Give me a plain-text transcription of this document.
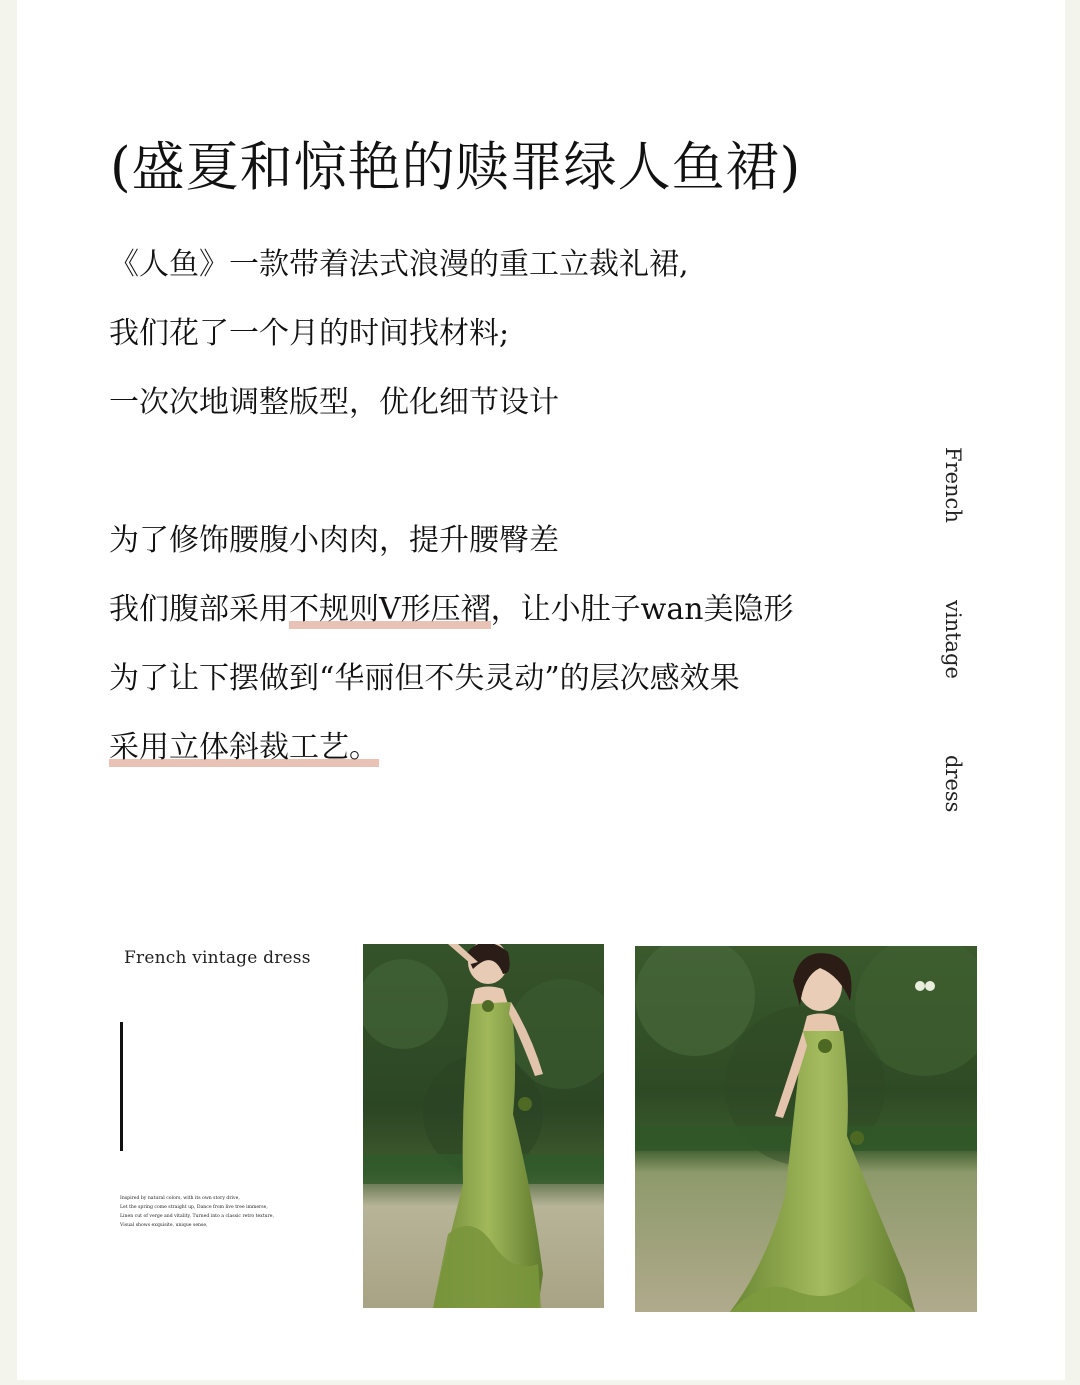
(盛夏和惊艳的赎罪绿人鱼裙)
《人鱼》一款带着法式浪漫的重工立裁礼裙,
我们花了一个月的时间找材料;
一次次地调整版型，优化细节设计
为了修饰腰腹小肉肉，提升腰臀差
我们腹部采用不规则V形压褶，让小肚子wan美隐形
为了让下摆做到“华丽但不失灵动”的层次感效果
采用立体斜裁工艺。
French
vintage
dress
French vintage dress
Inspired by natural colors, with its own story drive,
Let the spring come straight up, Dance from live tree immerse,
Linen cut of verge and vitality, Turned into a classic retro texture,
Visual shows exquisite, unique sense,
